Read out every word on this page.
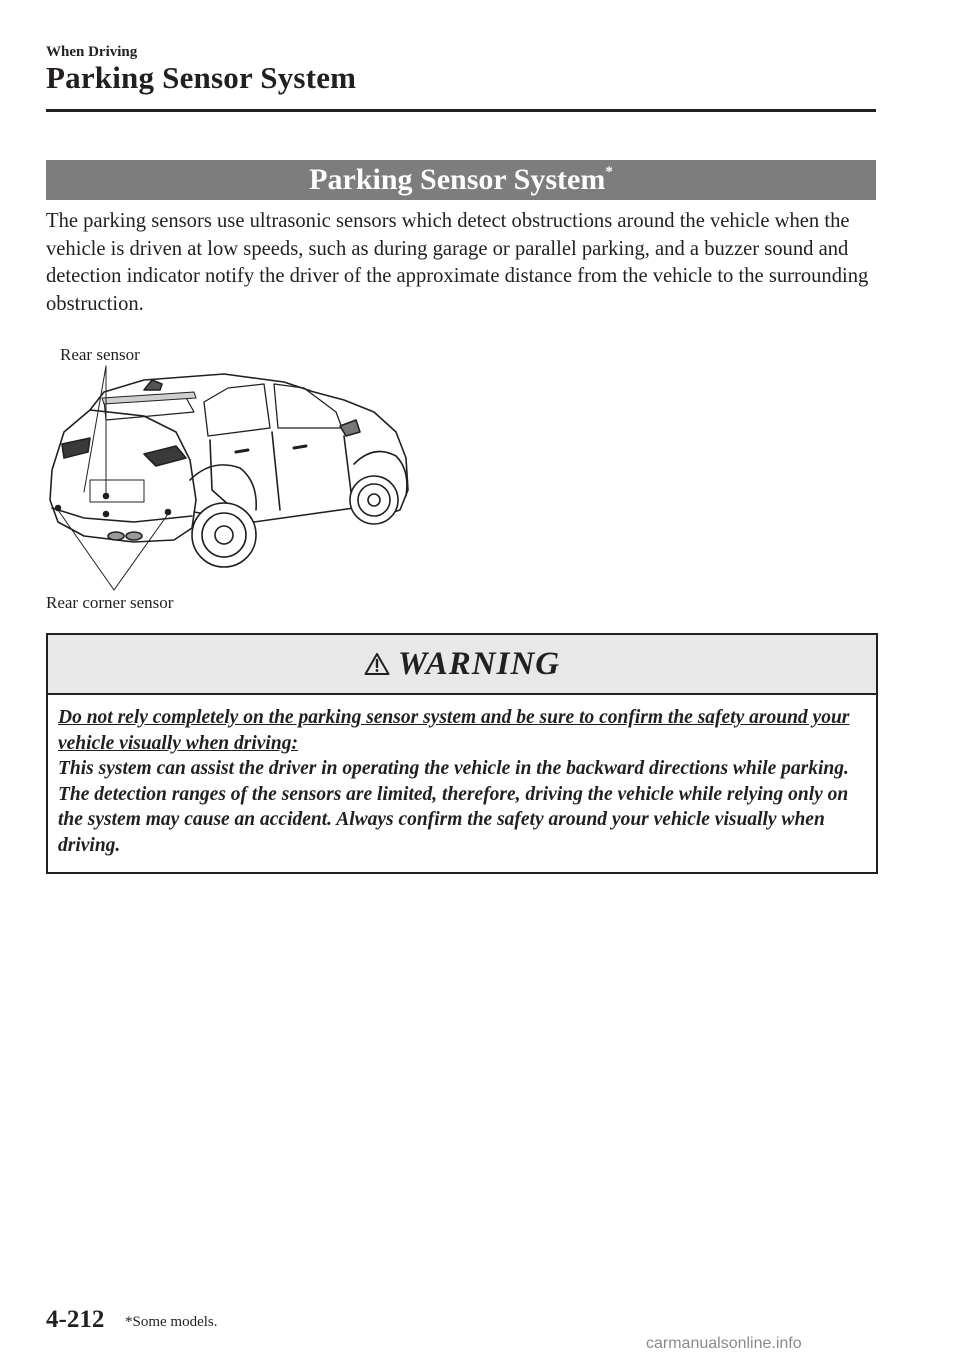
When Driving
Parking Sensor System
Parking Sensor System*
The parking sensors use ultrasonic sensors which detect obstructions around the vehicle when the vehicle is driven at low speeds, such as during garage or parallel parking, and a buzzer sound and detection indicator notify the driver of the approximate distance from the vehicle to the surrounding obstruction.
Rear sensor
Rear corner sensor
WARNING
Do not rely completely on the parking sensor system and be sure to confirm the safety around your vehicle visually when driving:
This system can assist the driver in operating the vehicle in the backward directions while parking. The detection ranges of the sensors are limited, therefore, driving the vehicle while relying only on the system may cause an accident. Always confirm the safety around your vehicle visually when driving.
4-212 *Some models.
carmanualsonline.info
